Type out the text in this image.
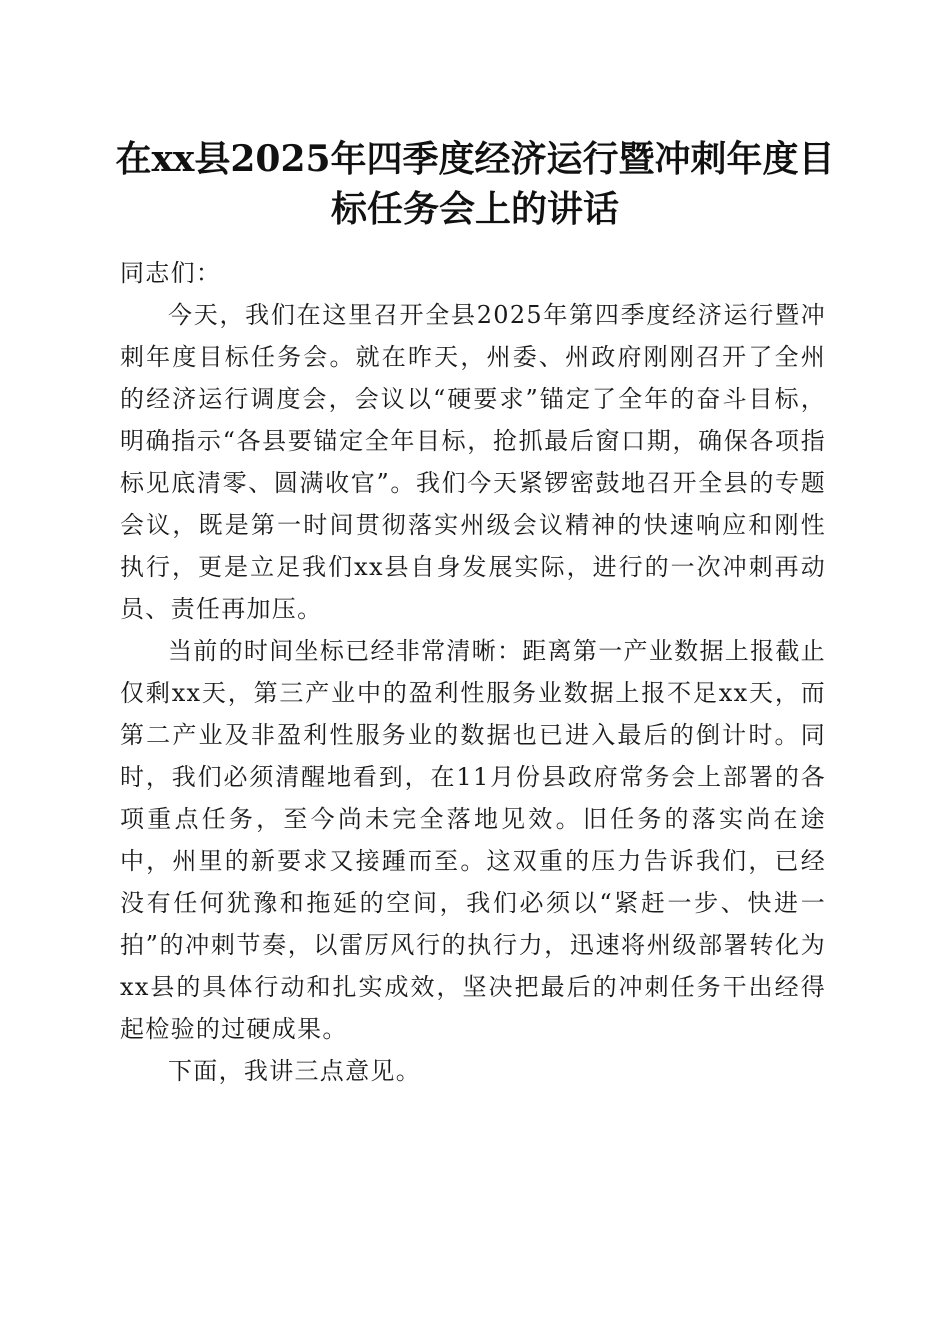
在xx县2025年四季度经济运行暨冲刺年度目标任务会上的讲话

同志们：

今天，我们在这里召开全县2025年第四季度经济运行暨冲刺年度目标任务会。就在昨天，州委、州政府刚刚召开了全州的经济运行调度会，会议以“硬要求”锚定了全年的奋斗目标，明确指示“各县要锚定全年目标，抢抓最后窗口期，确保各项指标见底清零、圆满收官”。我们今天紧锣密鼓地召开全县的专题会议，既是第一时间贯彻落实州级会议精神的快速响应和刚性执行，更是立足我们xx县自身发展实际，进行的一次冲刺再动员、责任再加压。

当前的时间坐标已经非常清晰：距离第一产业数据上报截止仅剩xx天，第三产业中的盈利性服务业数据上报不足xx天，而第二产业及非盈利性服务业的数据也已进入最后的倒计时。同时，我们必须清醒地看到，在11月份县政府常务会上部署的各项重点任务，至今尚未完全落地见效。旧任务的落实尚在途中，州里的新要求又接踵而至。这双重的压力告诉我们，已经没有任何犹豫和拖延的空间，我们必须以“紧赶一步、快进一拍”的冲刺节奏，以雷厉风行的执行力，迅速将州级部署转化为xx县的具体行动和扎实成效，坚决把最后的冲刺任务干出经得起检验的过硬成果。

下面，我讲三点意见。
